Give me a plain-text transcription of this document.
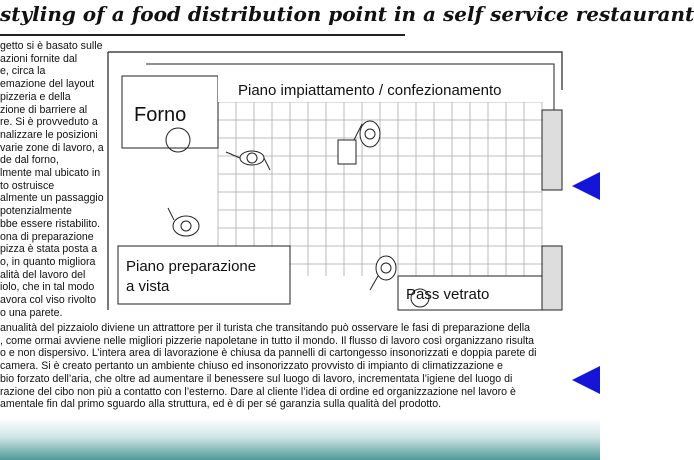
styling of a food distribution point in a self service restaurant
getto si è basato sulle
azioni fornite dal
e, circa la
emazione del layout
pizzeria e della
zione di barriere al
re. Si è provveduto a
nalizzare le posizioni
varie zone di lavoro, a
de dal forno,
lmente mal ubicato in
to ostruisce
almente un passaggio
potenzialmente
bbe essere ristabilito.
ona di preparazione
pizza è stata posta a
o, in quanto migliora
alità del lavoro del
iolo, che in tal modo
avora col viso rivolto
o una parete.
Piano impiattamento / confezionamento
Forno
Piano preparazione
a vista	Pass vetrato
anualità del pizzaiolo diviene un attrattore per il turista che transitando può osservare le fasi di preparazione della
, come ormai avviene nelle migliori pizzerie napoletane in tutto il mondo. Il flusso di lavoro così organizzano risulta
o e non dispersivo. L’intera area di lavorazione è chiusa da pannelli di cartongesso insonorizzati e doppia parete di
camera. Si è creato pertanto un ambiente chiuso ed insonorizzato provvisto di impianto di climatizzazione e
bio forzato dell’aria, che oltre ad aumentare il benessere sul luogo di lavoro, incrementata l’igiene del luogo di
razione del cibo non più a contatto con l’esterno. Dare al cliente l’idea di ordine ed organizzazione nel lavoro è
amentale fin dal primo sguardo alla struttura, ed è di per sé garanzia sulla qualità del prodotto.
